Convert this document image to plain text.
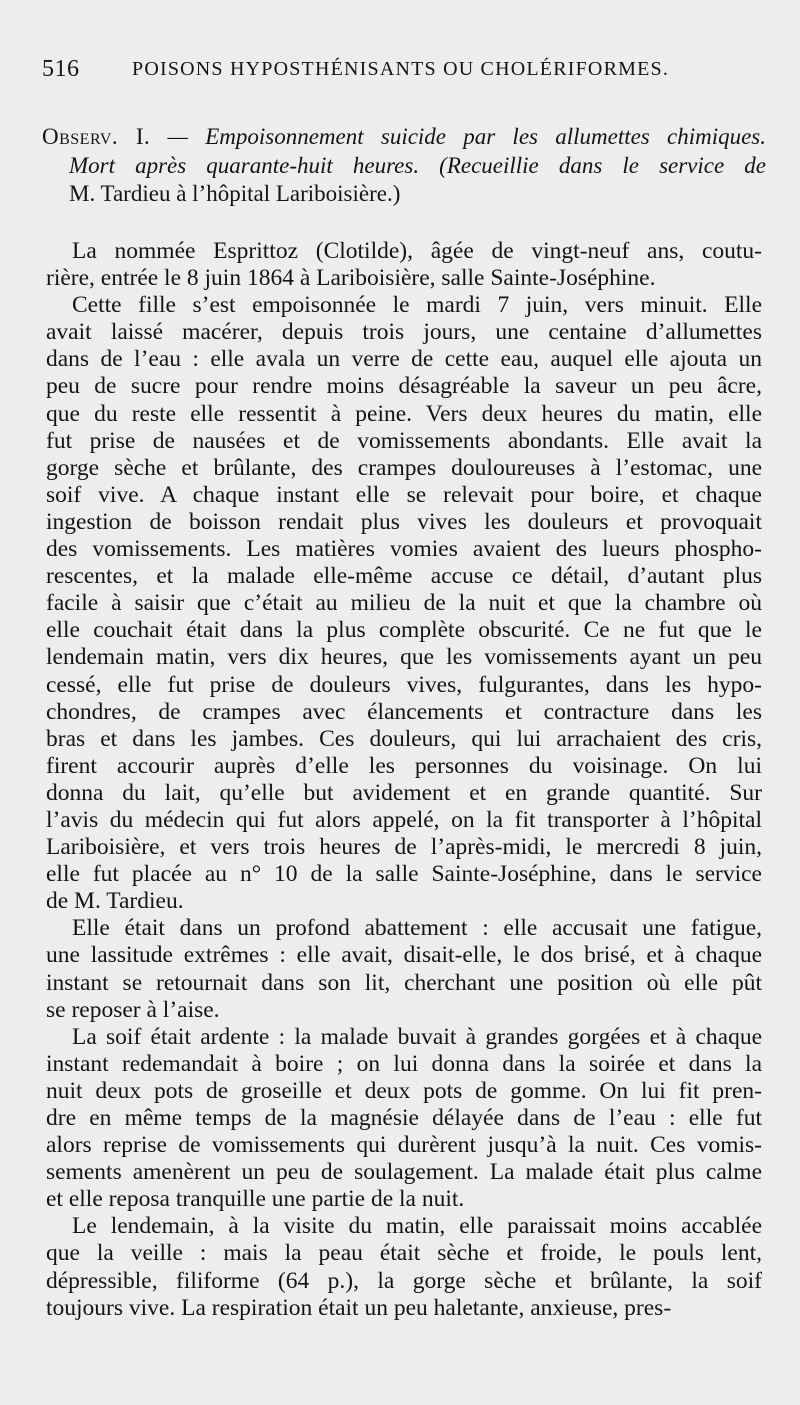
516	POISONS HYPOSTHÉNISANTS OU CHOLÉRIFORMES.
Observ. I. — Empoisonnement suicide par les allumettes chimiques.
Mort après quarante-huit heures. (Recueillie dans le service de
M. Tardieu à l’hôpital Lariboisière.)
La nommée Esprittoz (Clotilde), âgée de vingt-neuf ans, coutu-
rière, entrée le 8 juin 1864 à Lariboisière, salle Sainte-Joséphine.
Cette fille s’est empoisonnée le mardi 7 juin, vers minuit. Elle
avait laissé macérer, depuis trois jours, une centaine d’allumettes
dans de l’eau : elle avala un verre de cette eau, auquel elle ajouta un
peu de sucre pour rendre moins désagréable la saveur un peu âcre,
que du reste elle ressentit à peine. Vers deux heures du matin, elle
fut prise de nausées et de vomissements abondants. Elle avait la
gorge sèche et brûlante, des crampes douloureuses à l’estomac, une
soif vive. A chaque instant elle se relevait pour boire, et chaque
ingestion de boisson rendait plus vives les douleurs et provoquait
des vomissements. Les matières vomies avaient des lueurs phospho-
rescentes, et la malade elle-même accuse ce détail, d’autant plus
facile à saisir que c’était au milieu de la nuit et que la chambre où
elle couchait était dans la plus complète obscurité. Ce ne fut que le
lendemain matin, vers dix heures, que les vomissements ayant un peu
cessé, elle fut prise de douleurs vives, fulgurantes, dans les hypo-
chondres, de crampes avec élancements et contracture dans les
bras et dans les jambes. Ces douleurs, qui lui arrachaient des cris,
firent accourir auprès d’elle les personnes du voisinage. On lui
donna du lait, qu’elle but avidement et en grande quantité. Sur
l’avis du médecin qui fut alors appelé, on la fit transporter à l’hôpital
Lariboisière, et vers trois heures de l’après-midi, le mercredi 8 juin,
elle fut placée au n° 10 de la salle Sainte-Joséphine, dans le service
de M. Tardieu.
Elle était dans un profond abattement : elle accusait une fatigue,
une lassitude extrêmes : elle avait, disait-elle, le dos brisé, et à chaque
instant se retournait dans son lit, cherchant une position où elle pût
se reposer à l’aise.
La soif était ardente : la malade buvait à grandes gorgées et à chaque
instant redemandait à boire ; on lui donna dans la soirée et dans la
nuit deux pots de groseille et deux pots de gomme. On lui fit pren-
dre en même temps de la magnésie délayée dans de l’eau : elle fut
alors reprise de vomissements qui durèrent jusqu’à la nuit. Ces vomis-
sements amenèrent un peu de soulagement. La malade était plus calme
et elle reposa tranquille une partie de la nuit.
Le lendemain, à la visite du matin, elle paraissait moins accablée
que la veille : mais la peau était sèche et froide, le pouls lent,
dépressible, filiforme (64 p.), la gorge sèche et brûlante, la soif
toujours vive. La respiration était un peu haletante, anxieuse, pres-
